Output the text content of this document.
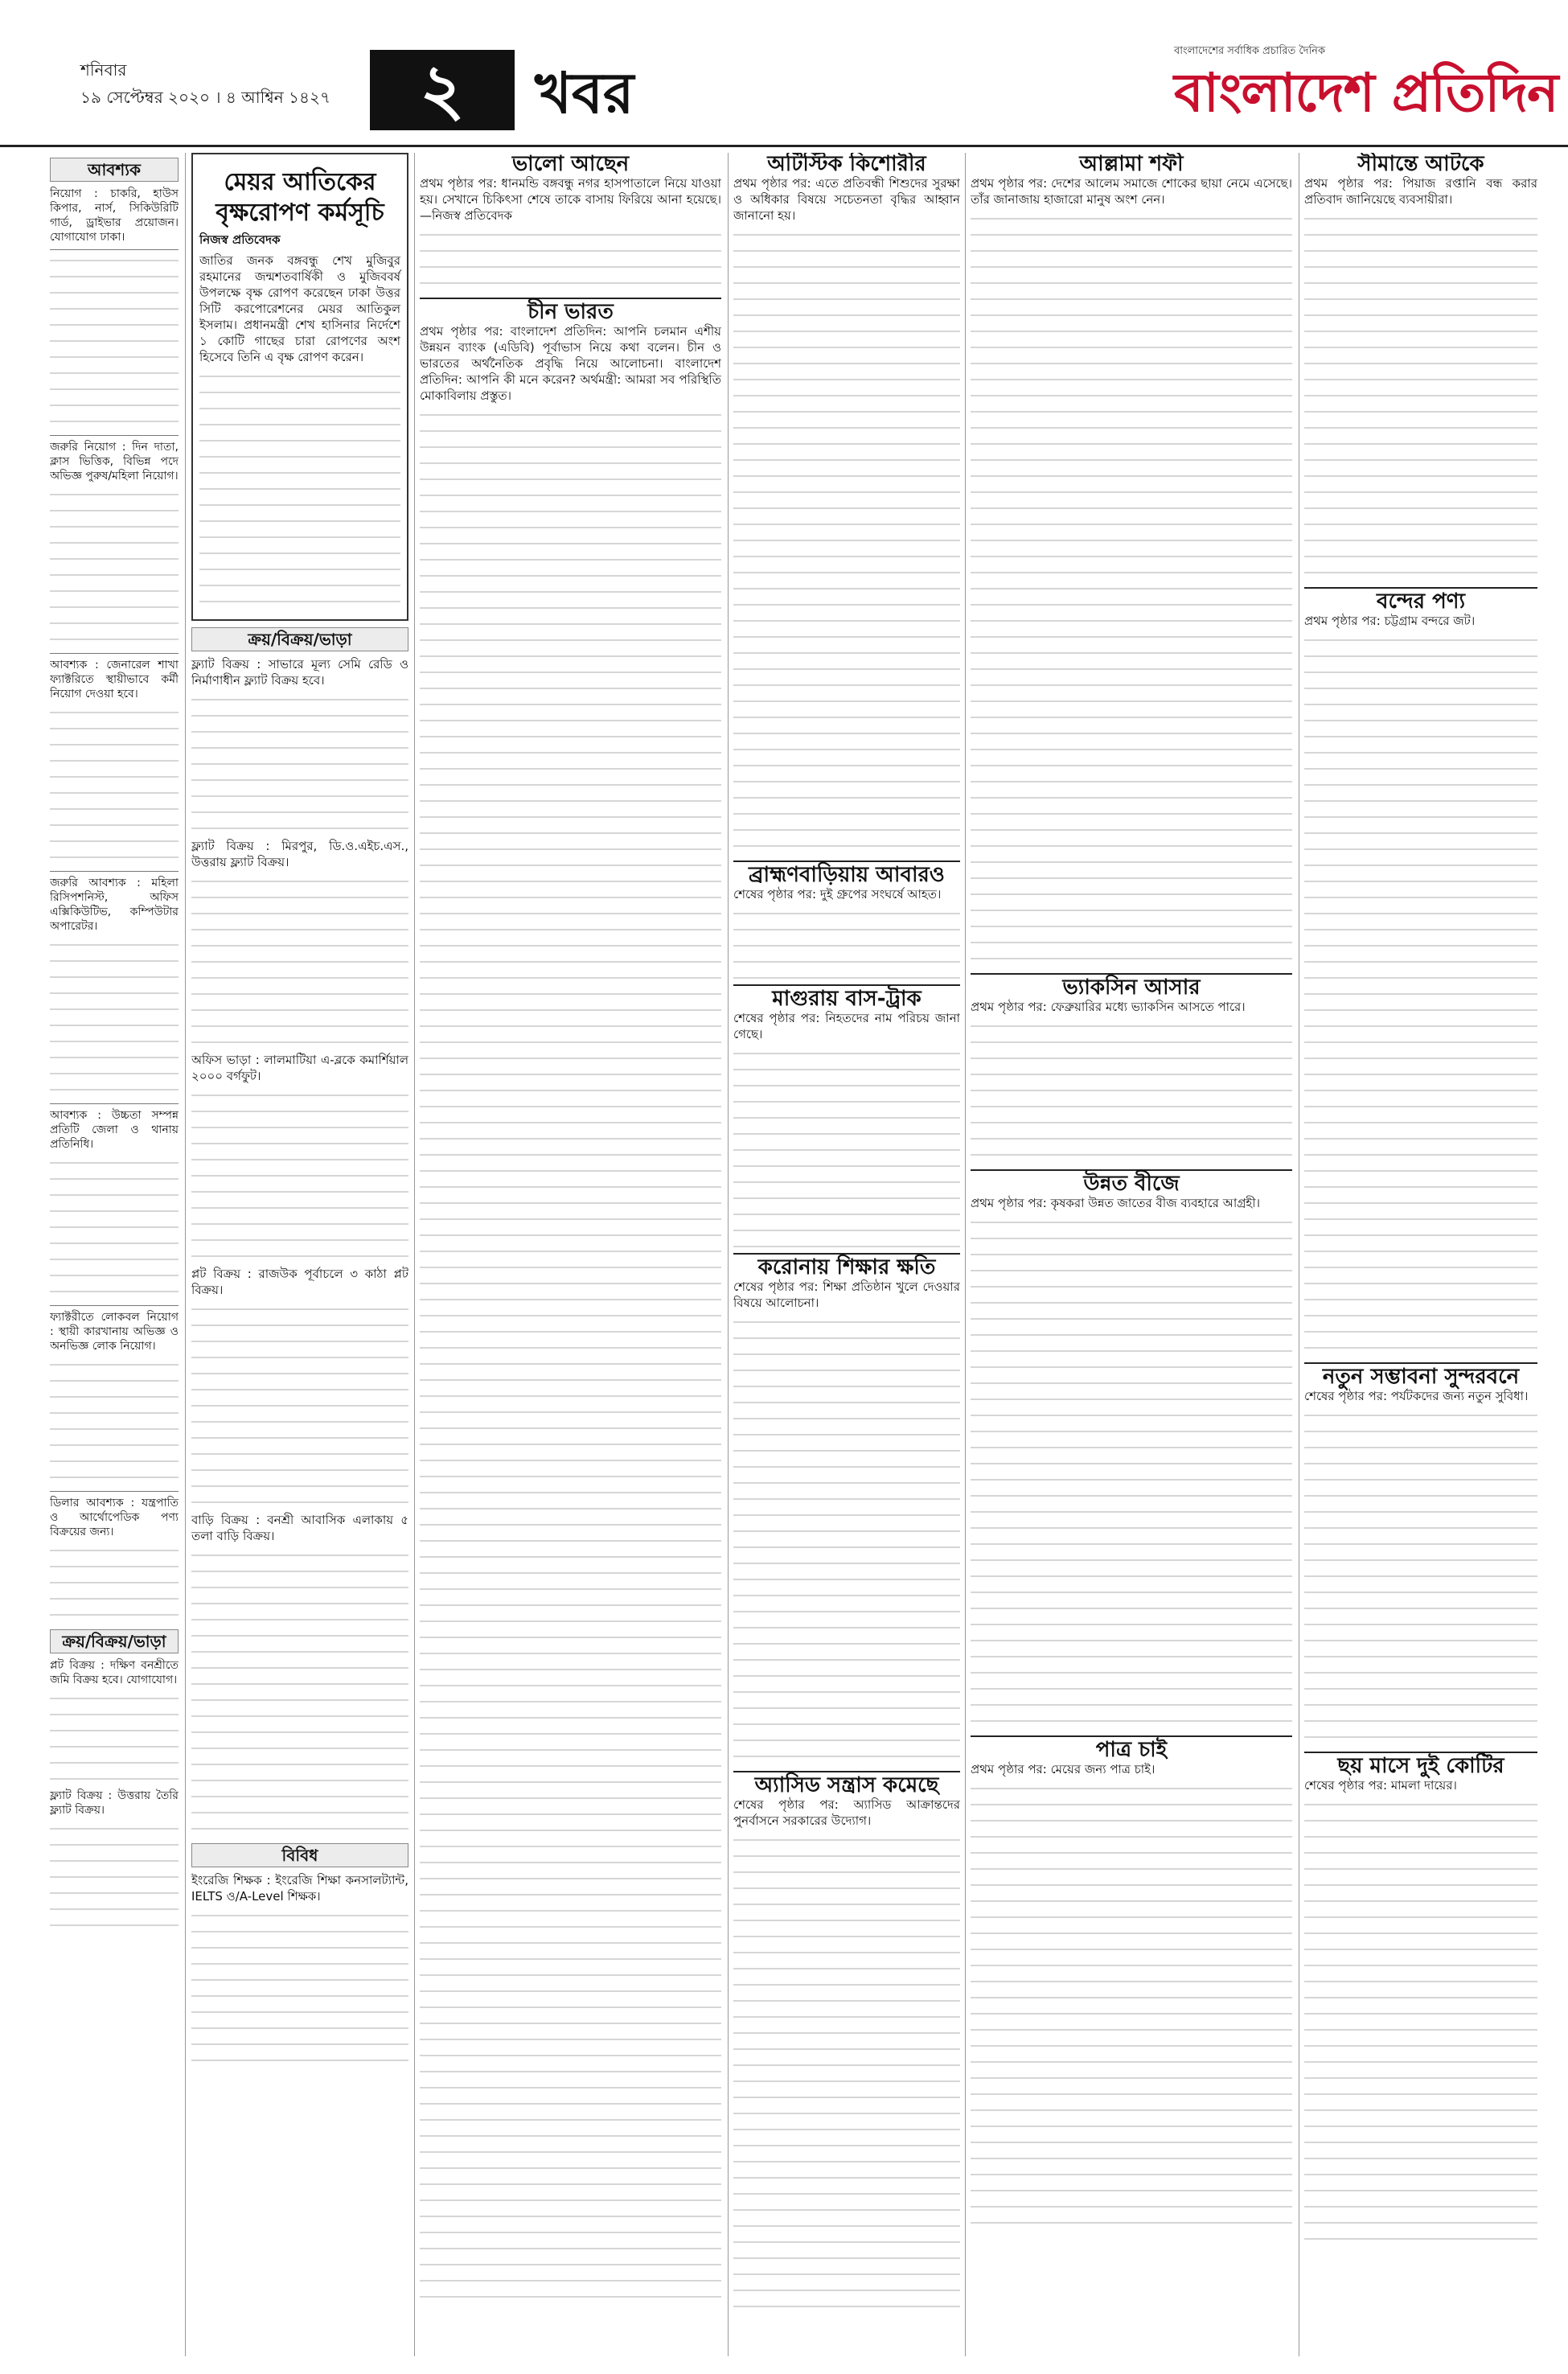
শনিবার
১৯ সেপ্টেম্বর ২০২০ । ৪ আশ্বিন ১৪২৭	২	খবর
বাংলাদেশের সর্বাধিক প্রচারিত দৈনিক
বাংলাদেশ প্রতিদিন
আবশ্যক

নিয়োগ : চাকরি, হাউস কিপার, নার্স, সিকিউরিটি গার্ড, ড্রাইভার প্রয়োজন। যোগাযোগ ঢাকা।

জরুরি নিয়োগ : দিন দাতা, ক্লাস ভিত্তিক, বিভিন্ন পদে অভিজ্ঞ পুরুষ/মহিলা নিয়োগ।

আবশ্যক : জেনারেল শাখা ফ্যাক্টরিতে স্থায়ীভাবে কর্মী নিয়োগ দেওয়া হবে।

জরুরি আবশ্যক : মহিলা রিসিপশনিস্ট, অফিস এক্সিকিউটিভ, কম্পিউটার অপারেটর।

আবশ্যক : উচ্চতা সম্পন্ন প্রতিটি জেলা ও থানায় প্রতিনিধি।

ফ্যাক্টরীতে লোকবল নিয়োগ : স্থায়ী কারখানায় অভিজ্ঞ ও অনভিজ্ঞ লোক নিয়োগ।

ডিলার আবশ্যক : যন্ত্রপাতি ও আর্থোপেডিক পণ্য বিক্রয়ের জন্য।

ক্রয়/বিক্রয়/ভাড়া

প্লট বিক্রয় : দক্ষিণ বনশ্রীতে জমি বিক্রয় হবে। যোগাযোগ।

ফ্ল্যাট বিক্রয় : উত্তরায় তৈরি ফ্ল্যাট বিক্রয়।

মেয়র আতিকের বৃক্ষরোপণ কর্মসূচি
নিজস্ব প্রতিবেদক

জাতির জনক বঙ্গবন্ধু শেখ মুজিবুর রহমানের জন্মশতবার্ষিকী ও মুজিববর্ষ উপলক্ষে বৃক্ষ রোপণ করেছেন ঢাকা উত্তর সিটি করপোরেশনের মেয়র আতিকুল ইসলাম। প্রধানমন্ত্রী শেখ হাসিনার নির্দেশে ১ কোটি গাছের চারা রোপণের অংশ হিসেবে তিনি এ বৃক্ষ রোপণ করেন।

ক্রয়/বিক্রয়/ভাড়া

ফ্ল্যাট বিক্রয় : সাভারে মূল্য সেমি রেডি ও নির্মাণাধীন ফ্ল্যাট বিক্রয় হবে।

ফ্ল্যাট বিক্রয় : মিরপুর, ডি.ও.এইচ.এস., উত্তরায় ফ্ল্যাট বিক্রয়।

অফিস ভাড়া : লালমাটিয়া এ-ব্লকে কমার্শিয়াল ২০০০ বর্গফুট।

প্লট বিক্রয় : রাজউক পূর্বাচলে ৩ কাঠা প্লট বিক্রয়।

বাড়ি বিক্রয় : বনশ্রী আবাসিক এলাকায় ৫ তলা বাড়ি বিক্রয়।

বিবিধ

ইংরেজি শিক্ষক : ইংরেজি শিক্ষা কনসালট্যান্ট, IELTS ও/A-Level শিক্ষক।

ভালো আছেন

প্রথম পৃষ্ঠার পর: ধানমন্ডি বঙ্গবন্ধু নগর হাসপাতালে নিয়ে যাওয়া হয়। সেখানে চিকিৎসা শেষে তাকে বাসায় ফিরিয়ে আনা হয়েছে। —নিজস্ব প্রতিবেদক

চীন ভারত

প্রথম পৃষ্ঠার পর: বাংলাদেশ প্রতিদিন: আপনি চলমান এশীয় উন্নয়ন ব্যাংক (এডিবি) পূর্বাভাস নিয়ে কথা বলেন। চীন ও ভারতের অর্থনৈতিক প্রবৃদ্ধি নিয়ে আলোচনা। বাংলাদেশ প্রতিদিন: আপনি কী মনে করেন? অর্থমন্ত্রী: আমরা সব পরিস্থিতি মোকাবিলায় প্রস্তুত।

অটিস্টিক কিশোরীর

প্রথম পৃষ্ঠার পর: এতে প্রতিবন্ধী শিশুদের সুরক্ষা ও অধিকার বিষয়ে সচেতনতা বৃদ্ধির আহ্বান জানানো হয়।

ব্রাহ্মণবাড়িয়ায় আবারও

শেষের পৃষ্ঠার পর: দুই গ্রুপের সংঘর্ষে আহত।

মাগুরায় বাস-ট্রাক

শেষের পৃষ্ঠার পর: নিহতদের নাম পরিচয় জানা গেছে।

করোনায় শিক্ষার ক্ষতি

শেষের পৃষ্ঠার পর: শিক্ষা প্রতিষ্ঠান খুলে দেওয়ার বিষয়ে আলোচনা।

অ্যাসিড সন্ত্রাস কমেছে

শেষের পৃষ্ঠার পর: অ্যাসিড আক্রান্তদের পুনর্বাসনে সরকারের উদ্যোগ।

আল্লামা শফী

প্রথম পৃষ্ঠার পর: দেশের আলেম সমাজে শোকের ছায়া নেমে এসেছে। তাঁর জানাজায় হাজারো মানুষ অংশ নেন।

ভ্যাকসিন আসার

প্রথম পৃষ্ঠার পর: ফেব্রুয়ারির মধ্যে ভ্যাকসিন আসতে পারে।

উন্নত বীজে

প্রথম পৃষ্ঠার পর: কৃষকরা উন্নত জাতের বীজ ব্যবহারে আগ্রহী।

পাত্র চাই

প্রথম পৃষ্ঠার পর: মেয়ের জন্য পাত্র চাই।

সীমান্তে আটকে

প্রথম পৃষ্ঠার পর: পিয়াজ রপ্তানি বন্ধ করার প্রতিবাদ জানিয়েছে ব্যবসায়ীরা।

বন্দের পণ্য

প্রথম পৃষ্ঠার পর: চট্টগ্রাম বন্দরে জট।

নতুন সম্ভাবনা সুন্দরবনে

শেষের পৃষ্ঠার পর: পর্যটকদের জন্য নতুন সুবিধা।

ছয় মাসে দুই কোটির

শেষের পৃষ্ঠার পর: মামলা দায়ের।
